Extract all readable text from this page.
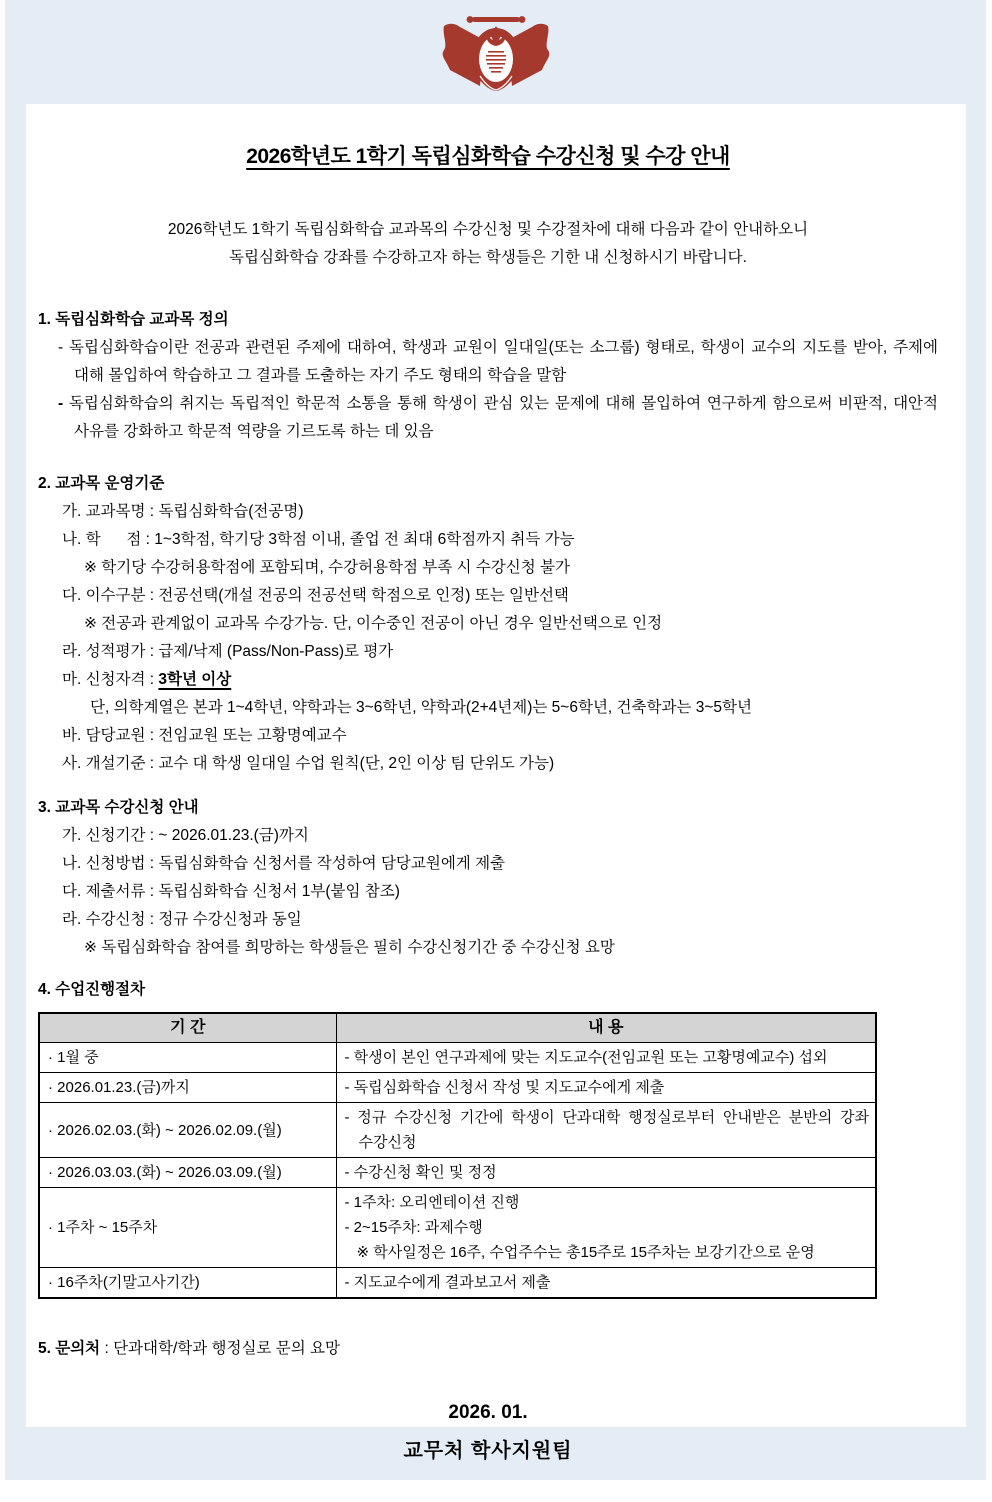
2026학년도 1학기 독립심화학습 수강신청 및 수강 안내
2026학년도 1학기 독립심화학습 교과목의 수강신청 및 수강절차에 대해 다음과 같이 안내하오니
독립심화학습 강좌를 수강하고자 하는 학생들은 기한 내 신청하시기 바랍니다.
1. 독립심화학습 교과목 정의
- 독립심화학습이란 전공과 관련된 주제에 대하여, 학생과 교원이 일대일(또는 소그룹) 형태로, 학생이 교수의 지도를 받아, 주제에 대해 몰입하여 학습하고 그 결과를 도출하는 자기 주도 형태의 학습을 말함
- 독립심화학습의 취지는 독립적인 학문적 소통을 통해 학생이 관심 있는 문제에 대해 몰입하여 연구하게 함으로써 비판적, 대안적 사유를 강화하고 학문적 역량을 기르도록 하는 데 있음
2. 교과목 운영기준
가. 교과목명 : 독립심화학습(전공명)
나. 학      점 : 1~3학점, 학기당 3학점 이내, 졸업 전 최대 6학점까지 취득 가능
※ 학기당 수강허용학점에 포함되며, 수강허용학점 부족 시 수강신청 불가
다. 이수구분 : 전공선택(개설 전공의 전공선택 학점으로 인정) 또는 일반선택
※ 전공과 관계없이 교과목 수강가능. 단, 이수중인 전공이 아닌 경우 일반선택으로 인정
라. 성적평가 : 급제/낙제 (Pass/Non-Pass)로 평가
마. 신청자격 : 3학년 이상
단, 의학계열은 본과 1~4학년, 약학과는 3~6학년, 약학과(2+4년제)는 5~6학년, 건축학과는 3~5학년
바. 담당교원 : 전임교원 또는 고황명예교수
사. 개설기준 : 교수 대 학생 일대일 수업 원칙(단, 2인 이상 팀 단위도 가능)
3. 교과목 수강신청 안내
가. 신청기간 : ~ 2026.01.23.(금)까지
나. 신청방법 : 독립심화학습 신청서를 작성하여 담당교원에게 제출
다. 제출서류 : 독립심화학습 신청서 1부(붙임 참조)
라. 수강신청 : 정규 수강신청과 동일
※ 독립심화학습 참여를 희망하는 학생들은 필히 수강신청기간 중 수강신청 요망
4. 수업진행절차
기 간	내 용

· 1월 중	- 학생이 본인 연구과제에 맞는 지도교수(전임교원 또는 고황명예교수) 섭외

· 2026.01.23.(금)까지	- 독립심화학습 신청서 작성 및 지도교수에게 제출

· 2026.02.03.(화) ~ 2026.02.09.(월)	- 정규 수강신청 기간에 학생이 단과대학 행정실로부터 안내받은 분반의 강좌 수강신청

· 2026.03.03.(화) ~ 2026.03.09.(월)	- 수강신청 확인 및 정정

· 1주차 ~ 15주차	- 1주차: 오리엔테이션 진행
- 2~15주차: 과제수행
※ 학사일정은 16주, 수업주수는 총15주로 15주차는 보강기간으로 운영

· 16주차(기말고사기간)	- 지도교수에게 결과보고서 제출
5. 문의처 : 단과대학/학과 행정실로 문의 요망
2026. 01.
교무처 학사지원팀
